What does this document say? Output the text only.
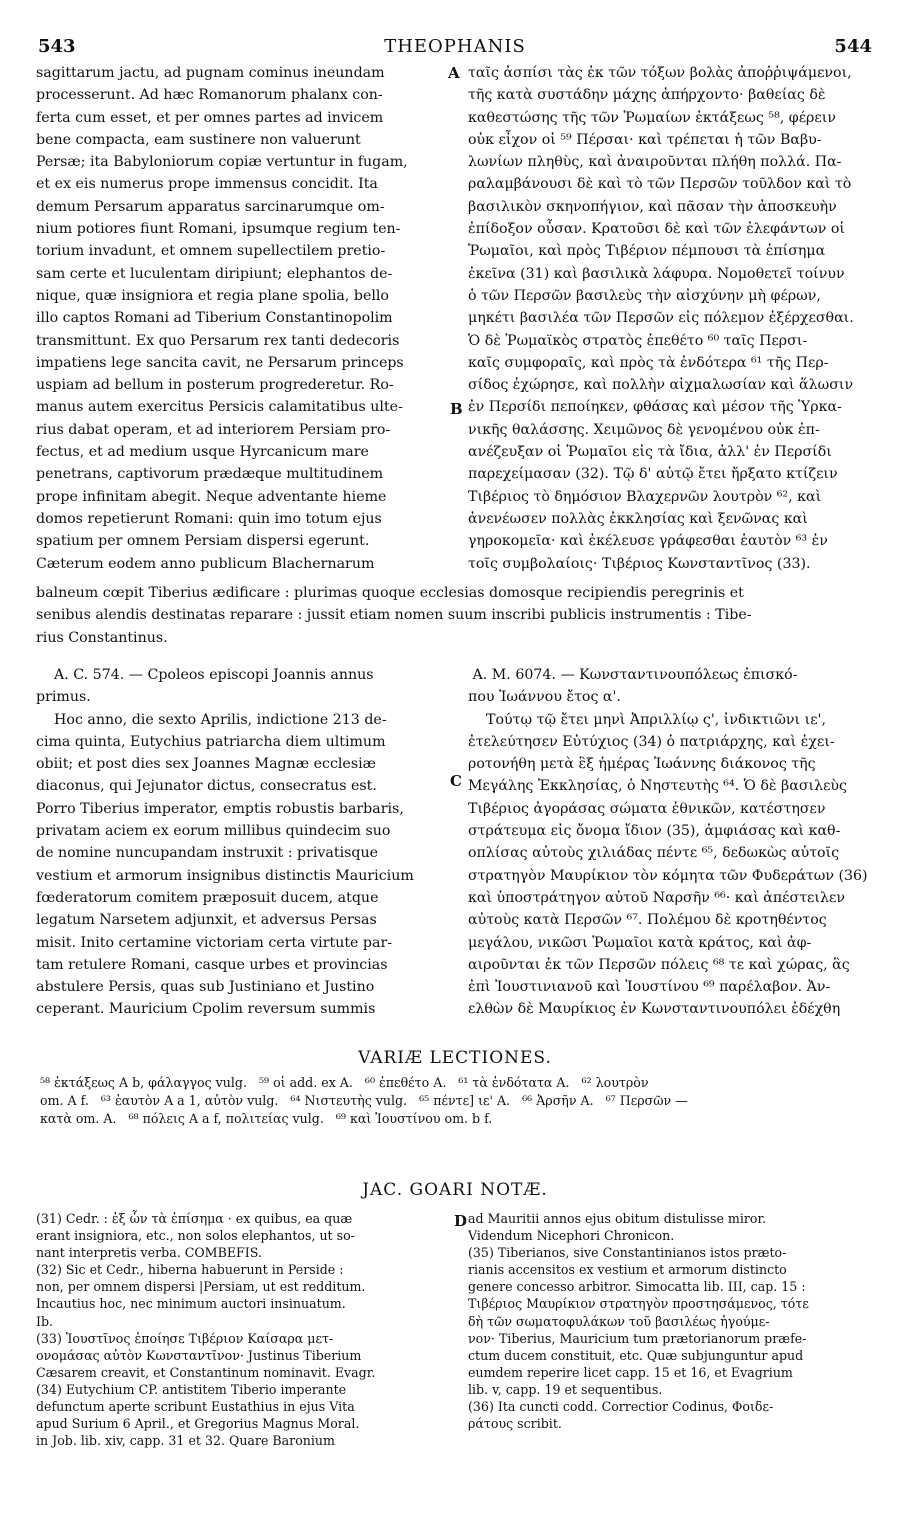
543	THEOPHANIS	544
sagittarum jactu, ad pugnam cominus ineundam
processerunt. Ad hæc Romanorum phalanx con-
ferta cum esset, et per omnes partes ad invicem
bene compacta, eam sustinere non valuerunt
Persæ; ita Babyloniorum copiæ vertuntur in fugam,
et ex eis numerus prope immensus concidit. Ita
demum Persarum apparatus sarcinarumque om-
nium potiores fiunt Romani, ipsumque regium ten-
torium invadunt, et omnem supellectilem pretio-
sam certe et luculentam diripiunt; elephantos de-
nique, quæ insigniora et regia plane spolia, bello
illo captos Romani ad Tiberium Constantinopolim
transmittunt. Ex quo Persarum rex tanti dedecoris
impatiens lege sancita cavit, ne Persarum princeps
uspiam ad bellum in posterum progrederetur. Ro-
manus autem exercitus Persicis calamitatibus ulte-
rius dabat operam, et ad interiorem Persiam pro-
fectus, et ad medium usque Hyrcanicum mare
penetrans, captivorum prædæque multitudinem
prope infinitam abegit. Neque adventante hieme
domos repetierunt Romani: quin imo totum ejus
spatium per omnem Persiam dispersi egerunt.
Cæterum eodem anno publicum Blachernarum
ταῖς ἀσπίσι τὰς ἐκ τῶν τόξων βολὰς ἀποῤῥιψάμενοι,
τῆς κατὰ συστάδην μάχης ἀπήρχοντο· βαθείας δὲ
καθεστώσης τῆς τῶν Ῥωμαίων ἐκτάξεως ⁵⁸, φέρειν
οὐκ εἶχον οἱ ⁵⁹ Πέρσαι· καὶ τρέπεται ἡ τῶν Βαβυ-
λωνίων πληθὺς, καὶ ἀναιροῦνται πλήθη πολλά. Πα-
ραλαμβάνουσι δὲ καὶ τὸ τῶν Περσῶν τοῦλδον καὶ τὸ
βασιλικὸν σκηνοπήγιον, καὶ πᾶσαν τὴν ἀποσκευὴν
ἐπίδοξον οὖσαν. Κρατοῦσι δὲ καὶ τῶν ἐλεφάντων οἱ
Ῥωμαῖοι, καὶ πρὸς Τιβέριον πέμπουσι τὰ ἐπίσημα
ἐκεῖνα (31) καὶ βασιλικὰ λάφυρα. Νομοθετεῖ τοίνυν
ὁ τῶν Περσῶν βασιλεὺς τὴν αἰσχύνην μὴ φέρων,
μηκέτι βασιλέα τῶν Περσῶν εἰς πόλεμον ἐξέρχεσθαι.
Ὁ δὲ Ῥωμαϊκὸς στρατὸς ἐπεθέτο ⁶⁰ ταῖς Περσι-
καῖς συμφοραῖς, καὶ πρὸς τὰ ἐνδότερα ⁶¹ τῆς Περ-
σίδος ἐχώρησε, καὶ πολλὴν αἰχμαλωσίαν καὶ ἅλωσιν
ἐν Περσίδι πεποίηκεν, φθάσας καὶ μέσον τῆς Ὑρκα-
νικῆς θαλάσσης. Χειμῶνος δὲ γενομένου οὐκ ἐπ-
ανέζευξαν οἱ Ῥωμαῖοι εἰς τὰ ἴδια, ἀλλ' ἐν Περσίδι
παρεχείμασαν (32). Τῷ δ' αὐτῷ ἔτει ἤρξατο κτίζειν
Τιβέριος τὸ δημόσιον Βλαχερνῶν λουτρὸν ⁶², καὶ
ἀνενέωσεν πολλὰς ἐκκλησίας καὶ ξενῶνας καὶ
γηροκομεῖα· καὶ ἐκέλευσε γράφεσθαι ἑαυτὸν ⁶³ ἐν
τοῖς συμβολαίοις· Τιβέριος Κωνσταντῖνος (33).
A
B
C
D
balneum cœpit Tiberius ædificare : plurimas quoque ecclesias domosque recipiendis peregrinis et
senibus alendis destinatas reparare : jussit etiam nomen suum inscribi publicis instrumentis : Tibe-
rius Constantinus.
A. C. 574. — Cpoleos episcopi Joannis annus
primus.
Hoc anno, die sexto Aprilis, indictione 213 de-
cima quinta, Eutychius patriarcha diem ultimum
obiit; et post dies sex Joannes Magnæ ecclesiæ
diaconus, qui Jejunator dictus, consecratus est.
Porro Tiberius imperator, emptis robustis barbaris,
privatam aciem ex eorum millibus quindecim suo
de nomine nuncupandam instruxit : privatisque
vestium et armorum insignibus distinctis Mauricium
fœderatorum comitem præposuit ducem, atque
legatum Narsetem adjunxit, et adversus Persas
misit. Inito certamine victoriam certa virtute par-
tam retulere Romani, casque urbes et provincias
abstulere Persis, quas sub Justiniano et Justino
ceperant. Mauricium Cpolim reversum summis
A. M. 6074. — Κωνσταντινουπόλεως ἐπισκό-
που Ἰωάννου ἔτος α'.
Τούτῳ τῷ ἔτει μηνὶ Ἀπριλλίῳ ς', ἰνδικτιῶνι ιε',
ἐτελεύτησεν Εὐτύχιος (34) ὁ πατριάρχης, καὶ ἐχει-
ροτονήθη μετὰ ἓξ ἡμέρας Ἰωάννης διάκονος τῆς
Μεγάλης Ἐκκλησίας, ὁ Νηστευτὴς ⁶⁴. Ὁ δὲ βασιλεὺς
Τιβέριος ἀγοράσας σώματα ἐθνικῶν, κατέστησεν
στράτευμα εἰς ὄνομα ἴδιον (35), ἀμφιάσας καὶ καθ-
οπλίσας αὐτοὺς χιλιάδας πέντε ⁶⁵, δεδωκὼς αὐτοῖς
στρατηγὸν Μαυρίκιον τὸν κόμητα τῶν Φυδεράτων (36)
καὶ ὑποστράτηγον αὐτοῦ Ναρσῆν ⁶⁶· καὶ ἀπέστειλεν
αὐτοὺς κατὰ Περσῶν ⁶⁷. Πολέμου δὲ κροτηθέντος
μεγάλου, νικῶσι Ῥωμαῖοι κατὰ κράτος, καὶ ἀφ-
αιροῦνται ἐκ τῶν Περσῶν πόλεις ⁶⁸ τε καὶ χώρας, ἃς
ἐπὶ Ἰουστινιανοῦ καὶ Ἰουστίνου ⁶⁹ παρέλαβον. Ἀν-
ελθὼν δὲ Μαυρίκιος ἐν Κωνσταντινουπόλει ἐδέχθη
VARIÆ LECTIONES.
⁵⁸ ἐκτάξεως A b, φάλαγγος vulg.   ⁵⁹ οἱ add. ex A.   ⁶⁰ ἐπεθέτο A.   ⁶¹ τὰ ἐνδότατα A.   ⁶² λουτρὸν
om. A f.   ⁶³ ἑαυτὸν A a 1, αὐτὸν vulg.   ⁶⁴ Νιστευτὴς vulg.   ⁶⁵ πέντε] ιε' A.   ⁶⁶ Ἀρσῆν A.   ⁶⁷ Περσῶν —
κατὰ om. A.   ⁶⁸ πόλεις A a f, πολιτείας vulg.   ⁶⁹ καὶ Ἰουστίνου om. b f.
JAC. GOARI NOTÆ.
(31) Cedr. : ἐξ ὧν τὰ ἐπίσημα · ex quibus, ea quæ
erant insigniora, etc., non solos elephantos, ut so-
nant interpretis verba. COMBEFIS.
(32) Sic et Cedr., hiberna habuerunt in Perside :
non, per omnem dispersi |Persiam, ut est redditum.
Incautius hoc, nec minimum auctori insinuatum.
Ib.
(33) Ἰουστῖνος ἐποίησε Τιβέριον Καίσαρα μετ-
ονομάσας αὐτὸν Κωνσταντῖνον· Justinus Tiberium
Cæsarem creavit, et Constantinum nominavit. Evagr.
(34) Eutychium CP. antistitem Tiberio imperante
defunctum aperte scribunt Eustathius in ejus Vita
apud Surium 6 April., et Gregorius Magnus Moral.
in Job. lib. xiv, capp. 31 et 32. Quare Baronium
ad Mauritii annos ejus obitum distulisse miror.
Videndum Nicephori Chronicon.
(35) Tiberianos, sive Constantinianos istos præto-
rianis accensitos ex vestium et armorum distincto
genere concesso arbitror. Simocatta lib. III, cap. 15 :
Τιβέριος Μαυρίκιον στρατηγὸν προστησάμενος, τότε
δὴ τῶν σωματοφυλάκων τοῦ βασιλέως ἡγούμε-
νον· Tiberius, Mauricium tum prætorianorum præfe-
ctum ducem constituit, etc. Quæ subjunguntur apud
eumdem reperire licet capp. 15 et 16, et Evagrium
lib. v, capp. 19 et sequentibus.
(36) Ita cuncti codd. Correctior Codinus, Φοιδε-
ράτους scribit.
